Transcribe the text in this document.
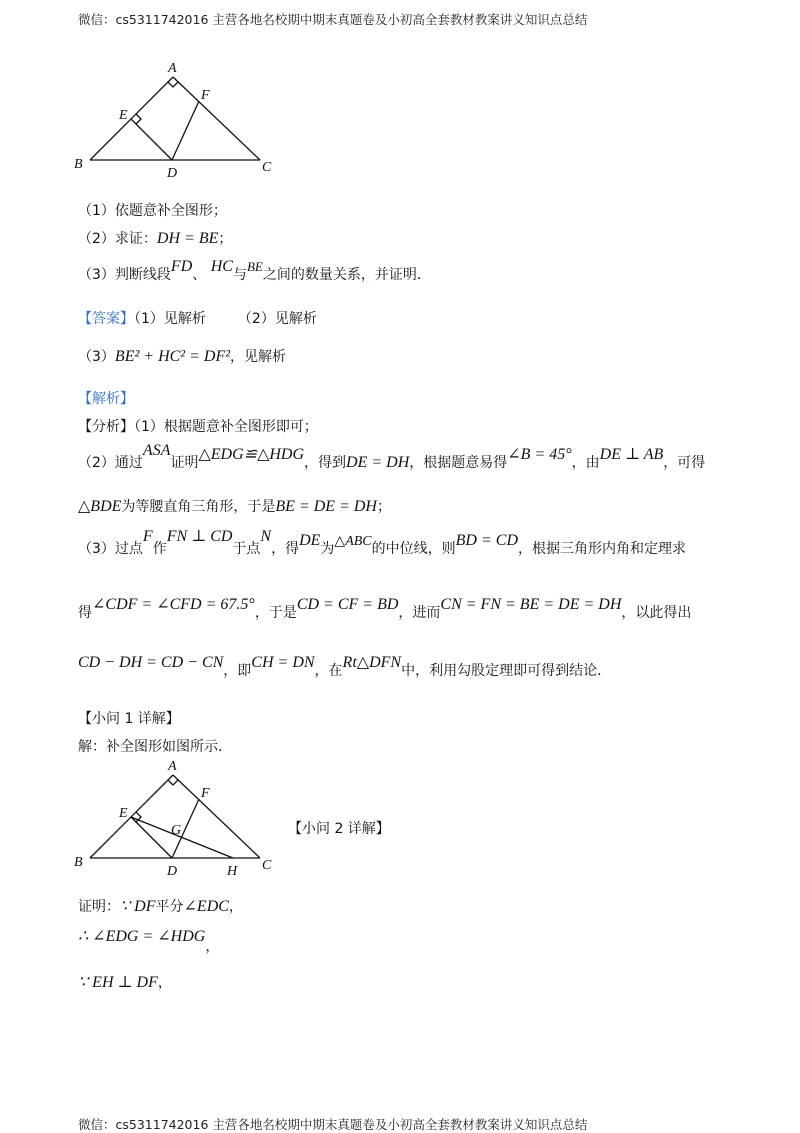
微信：cs5311742016 主营各地名校期中期末真题卷及小初高全套教材教案讲义知识点总结
A
F
E
B
D	C
（1）依题意补全图形；
（2）求证：DH = BE；
（3）判断线段FD、 HC与BE之间的数量关系，并证明．
【答案】（1）见解析 （2）见解析
（3）BE² + HC² = DF²，见解析
【解析】
【分析】（1）根据题意补全图形即可；
（2）通过ASA证明△EDG≌△HDG，得到DE = DH，根据题意易得∠B = 45°，由DE ⊥ AB，可得
△BDE为等腰直角三角形，于是BE = DE = DH；
（3）过点F作FN ⊥ CD于点N，得DE为△ABC的中位线，则BD = CD，根据三角形内角和定理求
得∠CDF = ∠CFD = 67.5°，于是CD = CF = BD，进而CN = FN = BE = DE = DH，以此得出
CD − DH = CD − CN，即CH = DN，在Rt△DFN中，利用勾股定理即可得到结论．
【小问 1 详解】
解：补全图形如图所示．
A
F
E
G
B
D	H C
【小问 2 详解】
证明：∵ DF平分∠EDC，
∴ ∠EDG = ∠HDG，
∵ EH ⊥ DF，
微信：cs5311742016 主营各地名校期中期末真题卷及小初高全套教材教案讲义知识点总结
